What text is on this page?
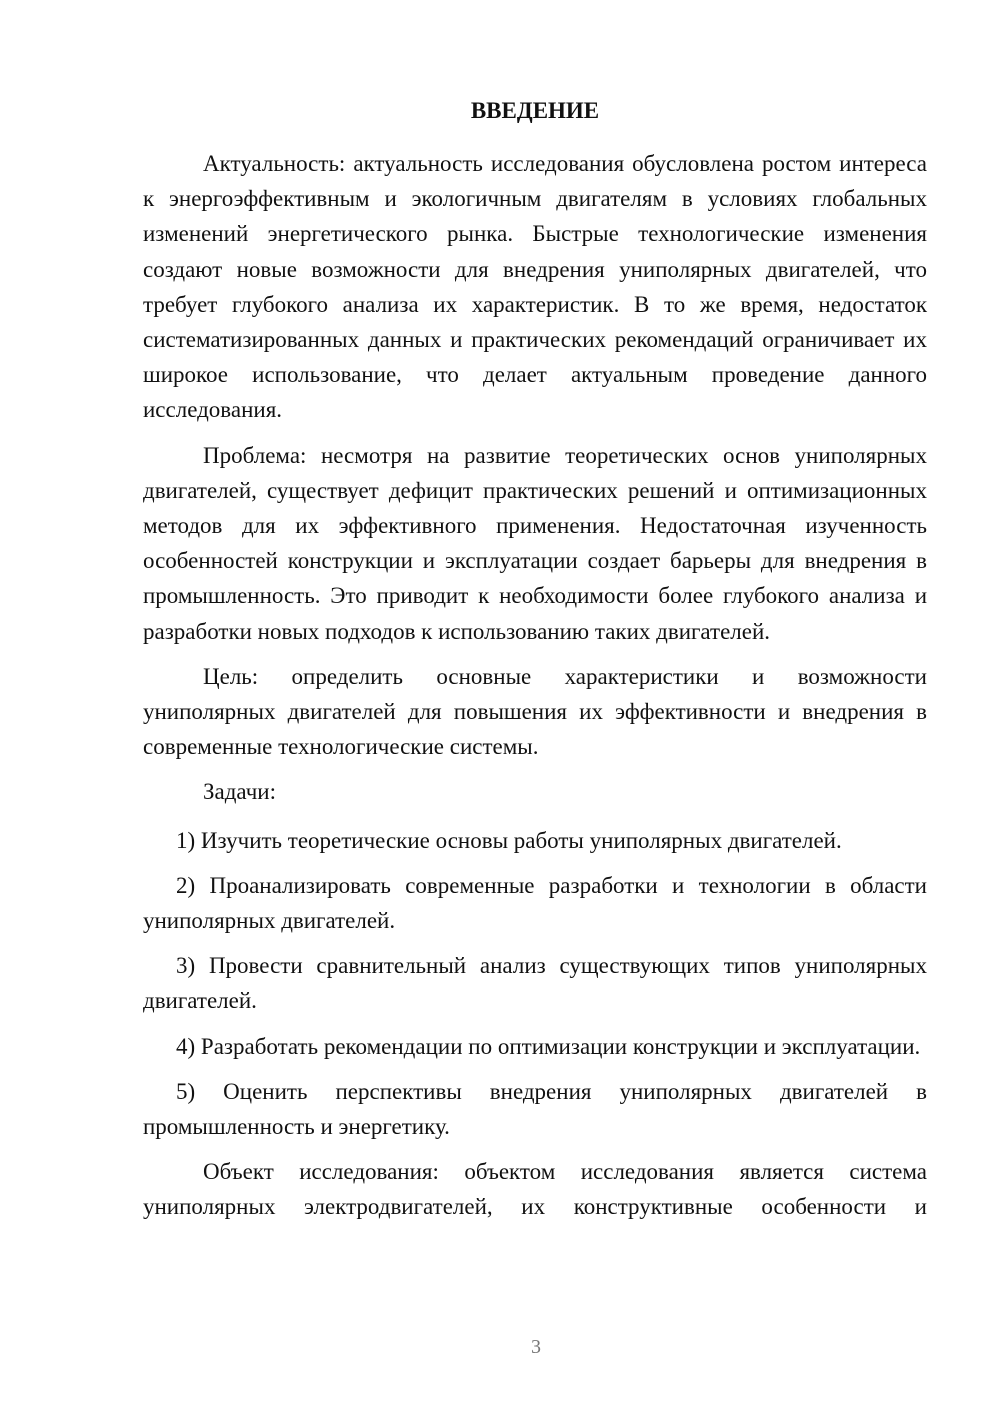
ВВЕДЕНИЕ

Актуальность: актуальность исследования обусловлена ростом интереса к энергоэффективным и экологичным двигателям в условиях глобальных изменений энергетического рынка. Быстрые технологические изменения создают новые возможности для внедрения униполярных двигателей, что требует глубокого анализа их характеристик. В то же время, недостаток систематизированных данных и практических рекомендаций ограничивает их широкое использование, что делает актуальным проведение данного исследования.

Проблема: несмотря на развитие теоретических основ униполярных двигателей, существует дефицит практических решений и оптимизационных методов для их эффективного применения. Недостаточная изученность особенностей конструкции и эксплуатации создает барьеры для внедрения в промышленность. Это приводит к необходимости более глубокого анализа и разработки новых подходов к использованию таких двигателей.

Цель: определить основные характеристики и возможности униполярных двигателей для повышения их эффективности и внедрения в современные технологические системы.

Задачи:

1) Изучить теоретические основы работы униполярных двигателей.

2) Проанализировать современные разработки и технологии в области униполярных двигателей.

3) Провести сравнительный анализ существующих типов униполярных двигателей.

4) Разработать рекомендации по оптимизации конструкции и эксплуатации.

5) Оценить перспективы внедрения униполярных двигателей в промышленность и энергетику.

Объект исследования: объектом исследования является система униполярных электродвигателей, их конструктивные особенности и

3
